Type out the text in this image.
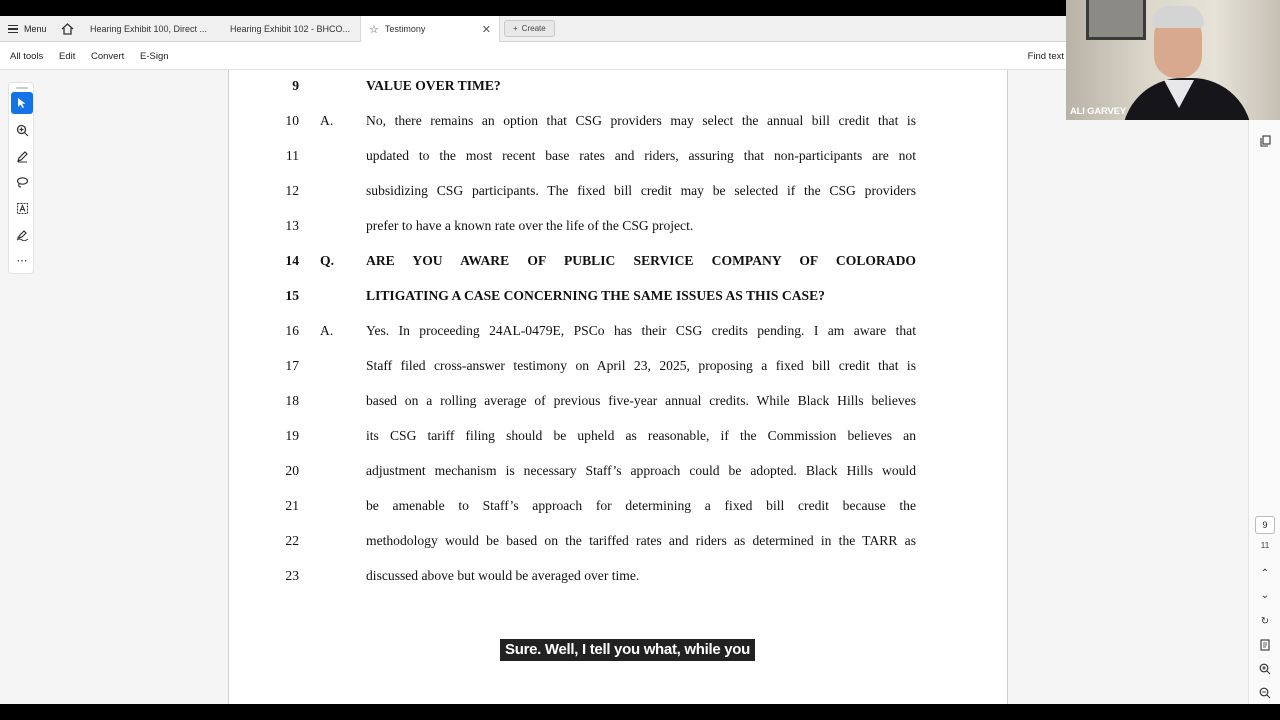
Menu	Hearing Exhibit 100, Direct ...	Hearing Exhibit 102 - BHCO... ☆ Testimony	✕	+ Create
All tools Edit Convert E-Sign	Find text
⋯
9	VALUE OVER TIME?
10 A. No, there remains an option that CSG providers may select the annual bill credit that is
11	updated to the most recent base rates and riders, assuring that non-participants are not
12	subsidizing CSG participants. The fixed bill credit may be selected if the CSG providers
13	prefer to have a known rate over the life of the CSG project.
14 Q. ARE YOU AWARE OF PUBLIC SERVICE COMPANY OF COLORADO
15	LITIGATING A CASE CONCERNING THE SAME ISSUES AS THIS CASE?
16 A. Yes. In proceeding 24AL-0479E, PSCo has their CSG credits pending. I am aware that
17	Staff filed cross-answer testimony on April 23, 2025, proposing a fixed bill credit that is
18	based on a rolling average of previous five-year annual credits. While Black Hills believes
19	its CSG tariff filing should be upheld as reasonable, if the Commission believes an
20	adjustment mechanism is necessary Staff’s approach could be adopted. Black Hills would
21	be amenable to Staff’s approach for determining a fixed bill credit because the
22	methodology would be based on the tariffed rates and riders as determined in the TARR as
23	discussed above but would be averaged over time.
Sure. Well, I tell you what, while you
9
11
⌃
⌄
↻
ALI GARVEY
